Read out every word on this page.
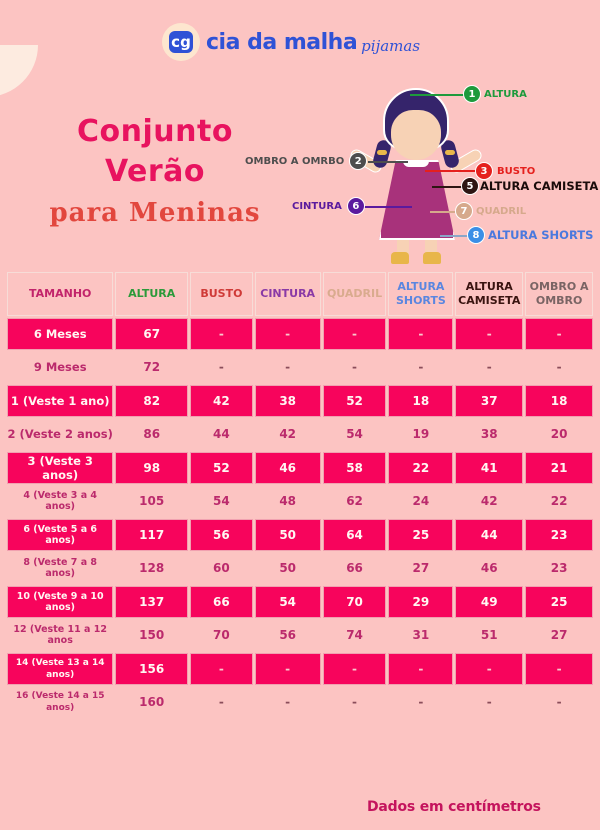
cg cia da malha pijamas
Conjunto
Verão
para Meninas
1 ALTURA
OMBRO A OMRBO	2
3 BUSTO
5 ALTURA CAMISETA
CINTURA	6	7 QUADRIL
8 ALTURA SHORTS
TAMANHO	ALTURA	BUSTO	CINTURA	QUADRIL	ALTURA SHORTS	ALTURA CAMISETA	OMBRO A OMBRO
6 Meses	67	-	-	-	-	-	-
9 Meses	72	-	-	-	-	-	-
1 (Veste 1 ano)	82	42	38	52	18	37	18
2 (Veste 2 anos)	86	44	42	54	19	38	20
3 (Veste 3 anos)	98	52	46	58	22	41	21
4 (Veste 3 a 4 anos)	105	54	48	62	24	42	22
6 (Veste 5 a 6 anos)	117	56	50	64	25	44	23
8 (Veste 7 a 8 anos)	128	60	50	66	27	46	23
10 (Veste 9 a 10 anos)	137	66	54	70	29	49	25
12 (Veste 11 a 12 anos	150	70	56	74	31	51	27
14 (Veste 13 a 14 anos)	156	-	-	-	-	-	-
16 (Veste 14 a 15 anos)	160	-	-	-	-	-	-
Dados em centímetros
